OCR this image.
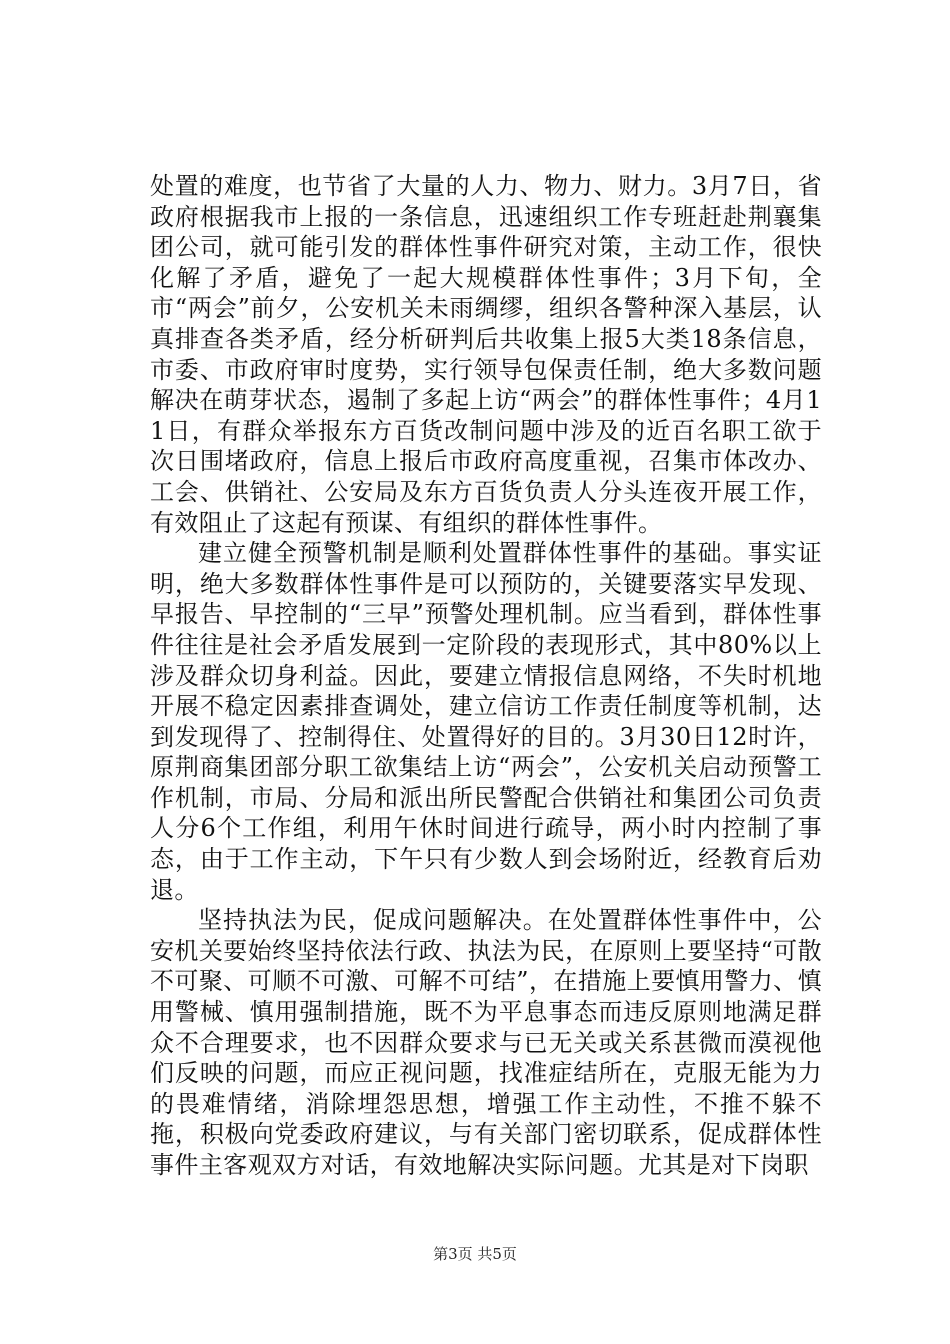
处置的难度，也节省了大量的人力、物力、财力。3月7日，省政府根据我市上报的一条信息，迅速组织工作专班赶赴荆襄集团公司，就可能引发的群体性事件研究对策，主动工作，很快化解了矛盾，避免了一起大规模群体性事件；3月下旬，全市“两会”前夕，公安机关未雨绸缪，组织各警种深入基层，认真排查各类矛盾，经分析研判后共收集上报5大类18条信息，市委、市政府审时度势，实行领导包保责任制，绝大多数问题解决在萌芽状态，遏制了多起上访“两会”的群体性事件；4月11日，有群众举报东方百货改制问题中涉及的近百名职工欲于次日围堵政府，信息上报后市政府高度重视，召集市体改办、工会、供销社、公安局及东方百货负责人分头连夜开展工作，有效阻止了这起有预谋、有组织的群体性事件。

建立健全预警机制是顺利处置群体性事件的基础。事实证明，绝大多数群体性事件是可以预防的，关键要落实早发现、早报告、早控制的“三早”预警处理机制。应当看到，群体性事件往往是社会矛盾发展到一定阶段的表现形式，其中80%以上涉及群众切身利益。因此，要建立情报信息网络，不失时机地开展不稳定因素排查调处，建立信访工作责任制度等机制，达到发现得了、控制得住、处置得好的目的。3月30日12时许，原荆商集团部分职工欲集结上访“两会”，公安机关启动预警工作机制，市局、分局和派出所民警配合供销社和集团公司负责人分6个工作组，利用午休时间进行疏导，两小时内控制了事态，由于工作主动，下午只有少数人到会场附近，经教育后劝退。

坚持执法为民，促成问题解决。在处置群体性事件中，公安机关要始终坚持依法行政、执法为民，在原则上要坚持“可散不可聚、可顺不可激、可解不可结”，在措施上要慎用警力、慎用警械、慎用强制措施，既不为平息事态而违反原则地满足群众不合理要求，也不因群众要求与已无关或关系甚微而漠视他们反映的问题，而应正视问题，找准症结所在，克服无能为力的畏难情绪，消除埋怨思想，增强工作主动性，不推不躲不拖，积极向党委政府建议，与有关部门密切联系，促成群体性事件主客观双方对话，有效地解决实际问题。尤其是对下岗职

第3页 共5页
